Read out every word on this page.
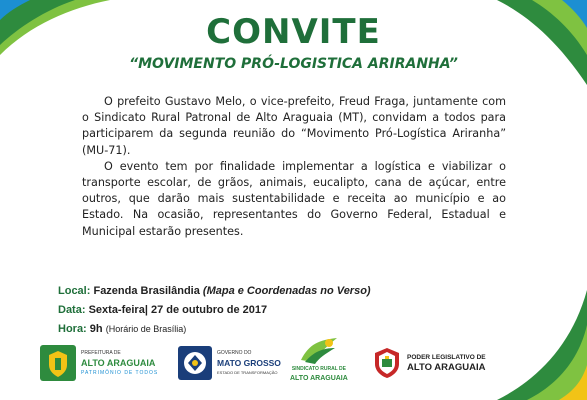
CONVITE
“MOVIMENTO PRÓ-LOGISTICA ARIRANHA”

O prefeito Gustavo Melo, o vice-prefeito, Freud Fraga, juntamente com o Sindicato Rural Patronal de Alto Araguaia (MT), convidam a todos para participarem da segunda reunião do “Movimento Pró-Logística Ariranha” (MU-71).

O evento tem por finalidade implementar a logística e viabilizar o transporte escolar, de grãos, animais, eucalipto, cana de açúcar, entre outros, que darão mais sustentabilidade e receita ao município e ao Estado. Na ocasião, representantes do Governo Federal, Estadual e Municipal estarão presentes.

Local: Fazenda Brasilândia (Mapa e Coordenadas no Verso)
Data: Sexta-feira| 27 de outubro de 2017
Hora: 9h (Horário de Brasília)
PREFEITURA DE
ALTO ARAGUAIA
PATRIMÔNIO DE TODOS
GOVERNO DO
MATO GROSSO
ESTADO DE TRANSFORMAÇÃO
SINDICATO RURAL DE
ALTO ARAGUAIA
PODER LEGISLATIVO DE
ALTO ARAGUAIA
